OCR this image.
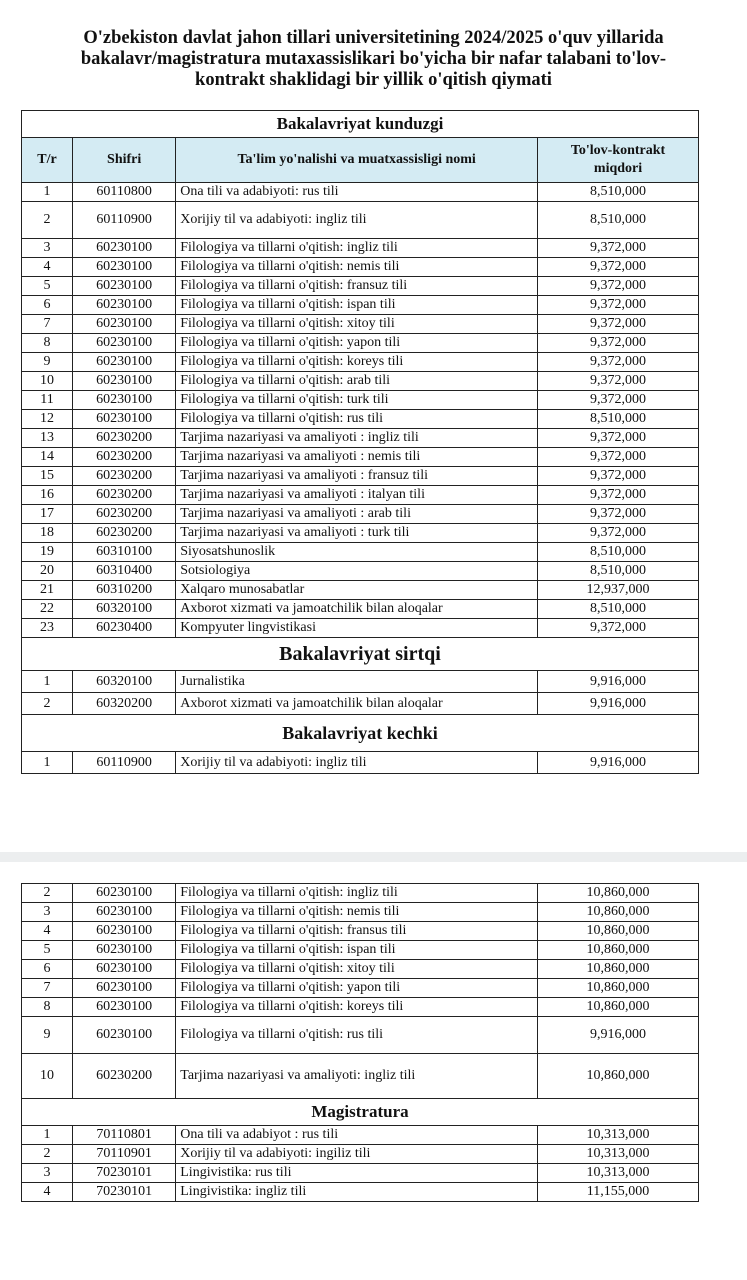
O'zbekiston davlat jahon tillari universitetining 2024/2025 o'quv yillarida
bakalavr/magistratura mutaxassislikari bo'yicha bir nafar talabani to'lov-
kontrakt shaklidagi bir yillik o'qitish qiymati
Bakalavriyat kunduzgi			
T/r	Shifri	Ta'lim yo'nalishi va muatxassisligi nomi	To'lov-kontrakt
miqdori
1	60110800	Ona tili va adabiyoti: rus tili	8,510,000
2	60110900	Xorijiy til va adabiyoti: ingliz tili	8,510,000
3	60230100	Filologiya va tillarni o'qitish: ingliz tili	9,372,000
4	60230100	Filologiya va tillarni o'qitish: nemis tili	9,372,000
5	60230100	Filologiya va tillarni o'qitish: fransuz tili	9,372,000
6	60230100	Filologiya va tillarni o'qitish: ispan tili	9,372,000
7	60230100	Filologiya va tillarni o'qitish: xitoy tili	9,372,000
8	60230100	Filologiya va tillarni o'qitish: yapon tili	9,372,000
9	60230100	Filologiya va tillarni o'qitish: koreys tili	9,372,000
10	60230100	Filologiya va tillarni o'qitish: arab tili	9,372,000
11	60230100	Filologiya va tillarni o'qitish: turk tili	9,372,000
12	60230100	Filologiya va tillarni o'qitish: rus tili	8,510,000
13	60230200	Tarjima nazariyasi va amaliyoti : ingliz tili	9,372,000
14	60230200	Tarjima nazariyasi va amaliyoti : nemis tili	9,372,000
15	60230200	Tarjima nazariyasi va amaliyoti : fransuz tili	9,372,000
16	60230200	Tarjima nazariyasi va amaliyoti : italyan tili	9,372,000
17	60230200	Tarjima nazariyasi va amaliyoti : arab tili	9,372,000
18	60230200	Tarjima nazariyasi va amaliyoti : turk tili	9,372,000
19	60310100	Siyosatshunoslik	8,510,000
20	60310400	Sotsiologiya	8,510,000
21	60310200	Xalqaro munosabatlar	12,937,000
22	60320100	Axborot xizmati va jamoatchilik bilan aloqalar	8,510,000
23	60230400	Kompyuter lingvistikasi	9,372,000
Bakalavriyat sirtqi			
1	60320100	Jurnalistika	9,916,000
2	60320200	Axborot xizmati va jamoatchilik bilan aloqalar	9,916,000
Bakalavriyat kechki			
1	60110900	Xorijiy til va adabiyoti: ingliz tili	9,916,000
2	60230100	Filologiya va tillarni o'qitish: ingliz tili	10,860,000
3	60230100	Filologiya va tillarni o'qitish: nemis tili	10,860,000
4	60230100	Filologiya va tillarni o'qitish: fransus tili	10,860,000
5	60230100	Filologiya va tillarni o'qitish: ispan tili	10,860,000
6	60230100	Filologiya va tillarni o'qitish: xitoy tili	10,860,000
7	60230100	Filologiya va tillarni o'qitish: yapon tili	10,860,000
8	60230100	Filologiya va tillarni o'qitish: koreys tili	10,860,000
9	60230100	Filologiya va tillarni o'qitish: rus tili	9,916,000
10	60230200	Tarjima nazariyasi va amaliyoti: ingliz tili	10,860,000
Magistratura			
1	70110801	Ona tili va adabiyot : rus tili	10,313,000
2	70110901	Xorijiy til va adabiyoti: ingiliz tili	10,313,000
3	70230101	Lingivistika: rus tili	10,313,000
4	70230101	Lingivistika: ingliz tili	11,155,000
